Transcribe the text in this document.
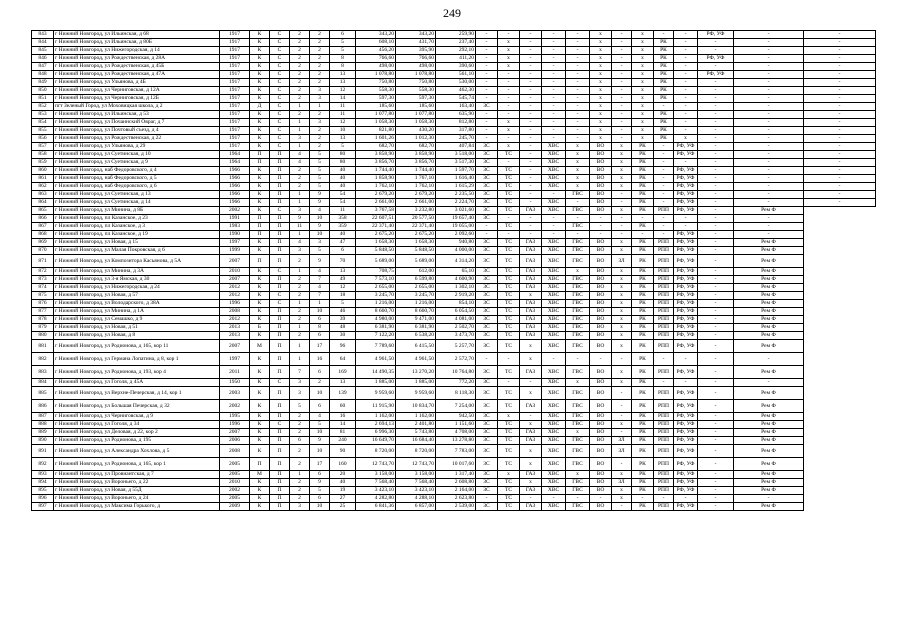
249
843	г Нижний Новгород, ул Ильинская, д 68	1917	К	С	2	2	6	343,20	343,20	259,90	-	-	-	-	-	х	-	х	-	-	РФ, УФ	-	-
844	г Нижний Новгород, ул Ильинская, д 80Б	1917	К	С	2	2	5	608,10	431,70	237,40	-	х	-	-	-	х	-	х	РК	-	-	-	-
845	г Нижний Новгород, ул Нижегородская, д 14	1917	К	С	2	2	5	456,20	395,90	292,10	-	х	-	-	-	х	-	х	РК	-	-	-	-
846	г Нижний Новгород, ул Рождественская, д 28А	1917	К	С	2	2	8	766,60	766,60	411,20	-	х	-	-	-	х	-	х	РК	-	РФ, УФ	-	-
847	г Нижний Новгород, ул Рождественская, д 45Б	1917	К	С	2	2	8	498,00	498,00	390,60	-	х	-	-	-	х	-	х	РК	-	-	-	-
848	г Нижний Новгород, ул Рождественская, д 47А	1917	К	С	2	2	13	1 078,80	1 078,80	561,10	-	-	-	-	-	х	-	х	РК	-	РФ, УФ	-	-
849	г Нижний Новгород, ул Ульянова, д 4Б	1917	К	С	2	2	13	750,80	750,80	530,00	-	-	-	-	-	х	-	х	РК	-	-	-	-
850	г Нижний Новгород, ул Черниговская, д 12А	1917	К	С	2	3	12	558,30	558,30	462,30	-	-	-	-	-	х	-	х	РК	-	-	-	-
851	г Нижний Новгород, ул Черниговская, д 12Б	1917	К	С	2	3	14	597,30	597,30	545,74	-	-	-	-	-	х	-	х	РК	-	-	-	-
852	пгт Зеленый Город, ул Моховицкая школа, д 2	1917	Д	С	1	1	11	185,60	185,60	163,40	ЗС	-	-	-	-	х	-	х	-	-	-	-	-
853	г Нижний Новгород, ул Ильинская, д 53	1917	К	С	2	2	11	1 077,80	1 077,80	635,90	-	-	-	-	-	х	-	х	РК	-	-	-	-
854	г Нижний Новгород, ул Почаинский Овраг, д 7	1917	К	С	1	3	12	1 058,30	1 058,30	812,80	-	х	-	-	-	х	-	х	РК	-	-	-	-
855	г Нижний Новгород, ул Почтовый съезд, д 4	1917	К	С	1	2	10	821,80	430,20	317,80	-	х	-	-	-	х	-	х	РК	-	-	-	-
856	г Нижний Новгород, ул Рождественская, д 22	1917	К	С	3	2	13	1 601,26	1 012,30	245,70	-	-	-	-	-	х	-	х	РК	х	-	-	-
857	г Нижний Новгород, ул Ульянова, д 29	1917	К	С	1	2	5	682,70	682,70	407,84	ЗС	х	-	ХВС	х	ВО	х	РК	-	РФ, УФ	-	-	-
858	г Нижний Новгород, ул Суетинская, д 10	1964	П	П	4	5	80	3 858,90	3 858,90	3 518,00	ЗС	ТС	-	ХВС	х	ВО	х	РК	-	РФ, УФ	-	-	-
859	г Нижний Новгород, ул Суетинская, д 9	1964	П	П	4	5	80	3 856,70	3 856,70	3 517,30	ЗС	-	-	ХВС	х	ВО	х	РК	-	-	-	-	-
860	г Нижний Новгород, наб Федоровского, д 4	1966	К	П	2	5	40	1 744,40	1 744,40	1 597,70	ЗС	ТС	-	ХВС	х	ВО	х	РК	-	РФ, УФ	-	-	-
861	г Нижний Новгород, наб Федоровского, д 5	1966	К	П	2	5	40	1 858,90	1 767,10	1 616,40	ЗС	ТС	-	ХВС	х	ВО	х	РК	-	РФ, УФ	-	-	-
862	г Нижний Новгород, наб Федоровского, д 6	1966	К	П	2	5	40	1 762,10	1 762,10	1 615,29	ЗС	ТС	-	ХВС	х	ВО	х	РК	-	РФ, УФ	-	-	-
863	г Нижний Новгород, ул Суетинская, д 13	1966	К	П	1	9	54	2 679,20	2 679,20	2 235,50	ЗС	ТС	-	-	ГВС	ВО	-	РК	-	РФ, УФ	-	-	-
864	г Нижний Новгород, ул Суетинская, д 14	1966	К	П	1	9	54	2 661,00	2 661,00	2 224,70	ЗС	ТС	-	ХВС	-	ВО	-	РК	-	РФ, УФ	-	-	-
865	г Нижний Новгород, ул Минина, д 8Б	2002	К	С	3	4	11	3 767,58	3 232,80	3 021,60	ЗС	ТС	ГАЗ	ХВС	ГВС	ВО	х	РК	РПП	РФ, УФ	-	Рем Ф	
866	г Нижний Новгород, пл Казанское, д 23	1991	П	П	9	10	358	22 607,51	20 577,50	19 657,40	ЗС	-	-	-	-	-	-	-	-	-	-	-	
867	г Нижний Новгород, пл Казанское, д 3	1983	П	П	11	9	359	22 371,40	22 371,40	19 055,00	-	ТС	-	-	ГВС	-	-	РК	-	-	-	-	
868	г Нижний Новгород, пл Казанское, д 19	1990	П	П	1	10	40	2 675,20	2 675,20	2 092,60	-	-	-	-	-	-	-	-	-	РФ, УФ	-	-	
869	г Нижний Новгород, ул Новая, д 15	1997	К	П	4	3	47	1 658,30	1 658,30	940,80	ЗС	ТС	ГАЗ	ХВС	ГВС	ВО	х	РК	РПП	РФ, УФ	-	Рем Ф	
870	г Нижний Новгород, ул Малая Покровская, д 6	1999	К	П	3	5	6	5 848,50	5 848,50	4 000,00	ЗС	ТС	ГАЗ	ХВС	ГВС	ВО	х	РК	РПП	РФ, УФ	-	Рем Ф	
871	г Нижний Новгород, ул Композитора Касьянова, д 5А	2007	П	П	2	9	70	5 689,00	5 689,00	4 314,20	ЗС	ТС	ГАЗ	ХВС	ГВС	ВО	ЗЛ	РК	РПП	РФ, УФ	-	Рем Ф	
872	г Нижний Новгород, ул Минина, д 3А	2010	К	С	1	4	13	708,75	612,00	65,10	ЗС	ТС	ГАЗ	ХВС	х	ВО	х	РК	РПП	РФ, УФ	-	Рем Ф	
873	г Нижний Новгород, ул 3-я Ямская, д 30	2007	К	П	2	7	49	7 573,10	6 599,80	4 600,90	ЗС	ТС	ГАЗ	ХВС	ГВС	ВО	х	РК	РПП	РФ, УФ	-	Рем Ф	
874	г Нижний Новгород, ул Нижегородская, д 24	2012	К	П	2	4	12	2 655,00	2 655,00	1 302,10	ЗС	ТС	ГАЗ	ХВС	ГВС	ВО	х	РК	РПП	РФ, УФ	-	Рем Ф	
875	г Нижний Новгород, ул Новая, д 57	2012	К	С	2	7	18	3 245,70	3 245,70	2 919,20	ЗС	ТС	х	ХВС	ГВС	ВО	х	РК	РПП	РФ, УФ	-	Рем Ф	
876	г Нижний Новгород, ул Володарского, д 38А	1996	К	С	1	1	5	1 216,00	1 216,00	854,10	ЗС	ТС	ГАЗ	ХВС	ГВС	ВО	х	РК	РПП	РФ, УФ	-	Рем Ф	
877	г Нижний Новгород, ул Минина, д 1А	2008	К	П	2	10	46	8 660,70	8 660,70	6 054,50	ЗС	ТС	ГАЗ	ХВС	ГВС	ВО	х	РК	РПП	РФ, УФ	-	Рем Ф	
878	г Нижний Новгород, ул Семашко, д 9	2012	К	П	2	6	39	4 980,00	9 471,00	4 081,00	ЗС	ТС	ГАЗ	ХВС	ГВС	ВО	х	РК	РПП	РФ, УФ	-	Рем Ф	
879	г Нижний Новгород, ул Новая, д 51	2013	Б	П	1	8	48	6 381,90	6 381,90	2 502,70	ЗС	ТС	ГАЗ	ХВС	ГВС	ВО	х	РК	РПП	РФ, УФ	-	Рем Ф	
880	г Нижний Новгород, ул Новая, д 8	2013	К	П	2	6	30	7 122,20	6 538,20	3 473,70	ЗС	ТС	ГАЗ	ХВС	ГВС	ВО	х	РК	РПП	РФ, УФ	-	Рем Ф	
881	г Нижний Новгород, ул Родионова, д 165, кор 11	2007	М	П	1	17	96	7 789,60	6 415,50	5 257,70	ЗС	ТС	х	ХВС	ГВС	ВО	х	РК	РПП	РФ, УФ	-	Рем Ф	
882	г Нижний Новгород, ул Германа Лопатина, д 8, кор 1	1997	К	П	1	16	64	4 961,50	4 961,50	2 572,70	-	-	х	-	-	-	-	РК	-	-	-	-	
883	г Нижний Новгород, ул Родионова, д 193, кор 4	2011	К	П	7	6	169	14 490,35	13 270,20	10 764,80	ЗС	ТС	ГАЗ	ХВС	ГВС	ВО	х	РК	РПП	РФ, УФ	-	Рем Ф	
884	г Нижний Новгород, ул Гоголя, д 45А	1950	К	С	3	2	13	1 885,00	1 885,00	772,20	ЗС	-	-	ХВС	х	ВО	х	РК	-	-	-	-	
885	г Нижний Новгород, ул Верхне-Печерская, д 14, кор 1	2003	К	П	3	10	139	9 959,60	9 959,60	8 118,30	ЗС	ТС	х	ХВС	ГВС	ВО	-	РК	РПП	РФ, УФ	-	Рем Ф	
886	г Нижний Новгород, ул Большая Печерская, д 32	2002	К	П	5	6	60	11 915,90	10 834,70	7 254,00	ЗС	ТС	ГАЗ	ХВС	ГВС	ВО	-	РК	РПП	РФ, УФ	-	Рем Ф	
887	г Нижний Новгород, ул Черниговская, д 9	1995	К	П	2	4	16	1 162,00	1 162,00	942,50	ЗС	х	-	ХВС	ГВС	ВО	-	РК	РПП	РФ, УФ	-	Рем Ф	
888	г Нижний Новгород, ул Гоголя, д 34	1996	К	С	2	5	14	2 694,13	2 401,80	1 151,60	ЗС	ТС	х	ХВС	ГВС	ВО	х	РК	РПП	РФ, УФ	-	Рем Ф	
889	г Нижний Новгород, ул Деловая, д 22, кор 2	2007	К	П	2	10	81	6 996,30	5 743,80	4 708,00	ЗС	ТС	ГАЗ	ХВС	х	ВО	-	РК	РПП	РФ, УФ	-	Рем Ф	
890	г Нижний Новгород, ул Родионова, д 195	2006	К	П	6	9	240	16 649,70	16 684,40	13 278,80	ЗС	ТС	ГАЗ	ХВС	ГВС	ВО	ЗЛ	РК	РПП	РФ, УФ	-	Рем Ф	
891	г Нижний Новгород, ул Александра Хохлова, д 5	2008	К	П	2	10	90	8 720,00	8 720,00	7 783,00	ЗС	ТС	х	ХВС	ГВС	ВО	ЗЛ	РК	РПП	РФ, УФ	-	Рем Ф	
892	г Нижний Новгород, ул Родионова, д 165, кор 1	2005	П	П	2	17	160	12 743,70	12 743,70	10 017,60	ЗС	ТС	х	ХВС	ГВС	ВО	-	РК	РПП	РФ, УФ	-	Рем Ф	
893	г Нижний Новгород, ул Провиантская, д 7	2005	М	П	1	6	20	3 158,00	3 158,00	1 317,40	ЗС	х	ГАЗ	ХВС	х	ВО	х	РК	РПП	РФ, УФ	-	Рем Ф	
894	г Нижний Новгород, ул Вороньего, д 22	2010	К	П	2	9	40	7 568,40	7 568,40	2 608,80	ЗС	ТС	х	ХВС	ГВС	ВО	ЗЛ	РК	РПП	РФ, УФ	-	Рем Ф	
895	г Нижний Новгород, ул Новая, д 55Д	2002	К	П	2	5	19	3 423,10	3 423,10	2 164,00	ЗС	ТС	ГАЗ	ХВС	ГВС	ВО	х	РК	РПП	РФ, УФ	-	Рем Ф	
896	г Нижний Новгород, ул Вороньего, д 24	2005	К	П	2	6	27	4 282,80	4 288,10	2 623,80	-	ТС	-	-	-	-	х	-	-	-	-	-	
897	г Нижний Новгород, ул Максима Горького, д	2009	К	П	3	10	25	6 841,36	6 857,00	2 539,00	ЗС	ТС	ГАЗ	ХВС	ГВС	ВО	-	РК	РПП	РФ, УФ	-	Рем Ф	
